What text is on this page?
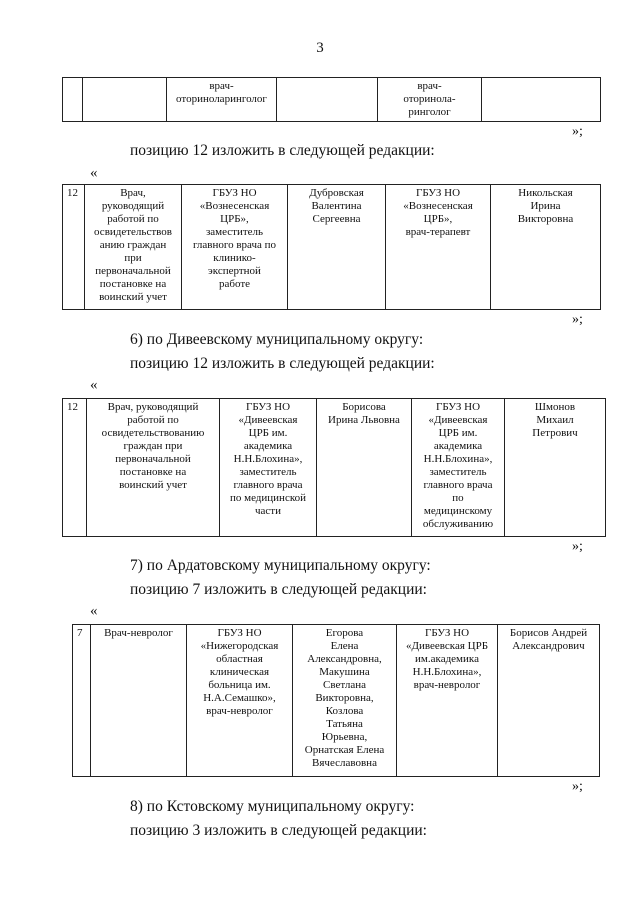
3
		врач-
оториноларинголог		врач-
оторинола-
ринголог	
»;
позицию 12 изложить в следующей редакции:
«
12	Врач,
руководящий
работой по
освидетельствов
анию граждан
при
первоначальной
постановке на
воинский учет	ГБУЗ НО
«Вознесенская
ЦРБ»,
заместитель
главного врача по
клинико-
экспертной
работе	Дубровская
Валентина
Сергеевна	ГБУЗ НО
«Вознесенская
ЦРБ»,
врач-терапевт	Никольская
Ирина
Викторовна
»;
6) по Дивеевскому муниципальному округу:
позицию 12 изложить в следующей редакции:
«
12	Врач, руководящий
работой по
освидетельствованию
граждан при
первоначальной
постановке на
воинский учет	ГБУЗ НО
«Дивеевская
ЦРБ им.
академика
Н.Н.Блохина»,
заместитель
главного врача
по медицинской
части	Борисова
Ирина Львовна	ГБУЗ НО
«Дивеевская
ЦРБ им.
академика
Н.Н.Блохина»,
заместитель
главного врача
по
медицинскому
обслуживанию	Шмонов
Михаил
Петрович
»;
7) по Ардатовскому муниципальному округу:
позицию 7 изложить в следующей редакции:
«
7	Врач-невролог	ГБУЗ НО
«Нижегородская
областная
клиническая
больница им.
Н.А.Семашко»,
врач-невролог	Егорова
Елена
Александровна,
Макушина
Светлана
Викторовна,
Козлова
Татьяна
Юрьевна,
Орнатская Елена
Вячеславовна	ГБУЗ НО
«Дивеевская ЦРБ
им.академика
Н.Н.Блохина»,
врач-невролог	Борисов Андрей
Александрович
»;
8) по Кстовскому муниципальному округу:
позицию 3 изложить в следующей редакции:
